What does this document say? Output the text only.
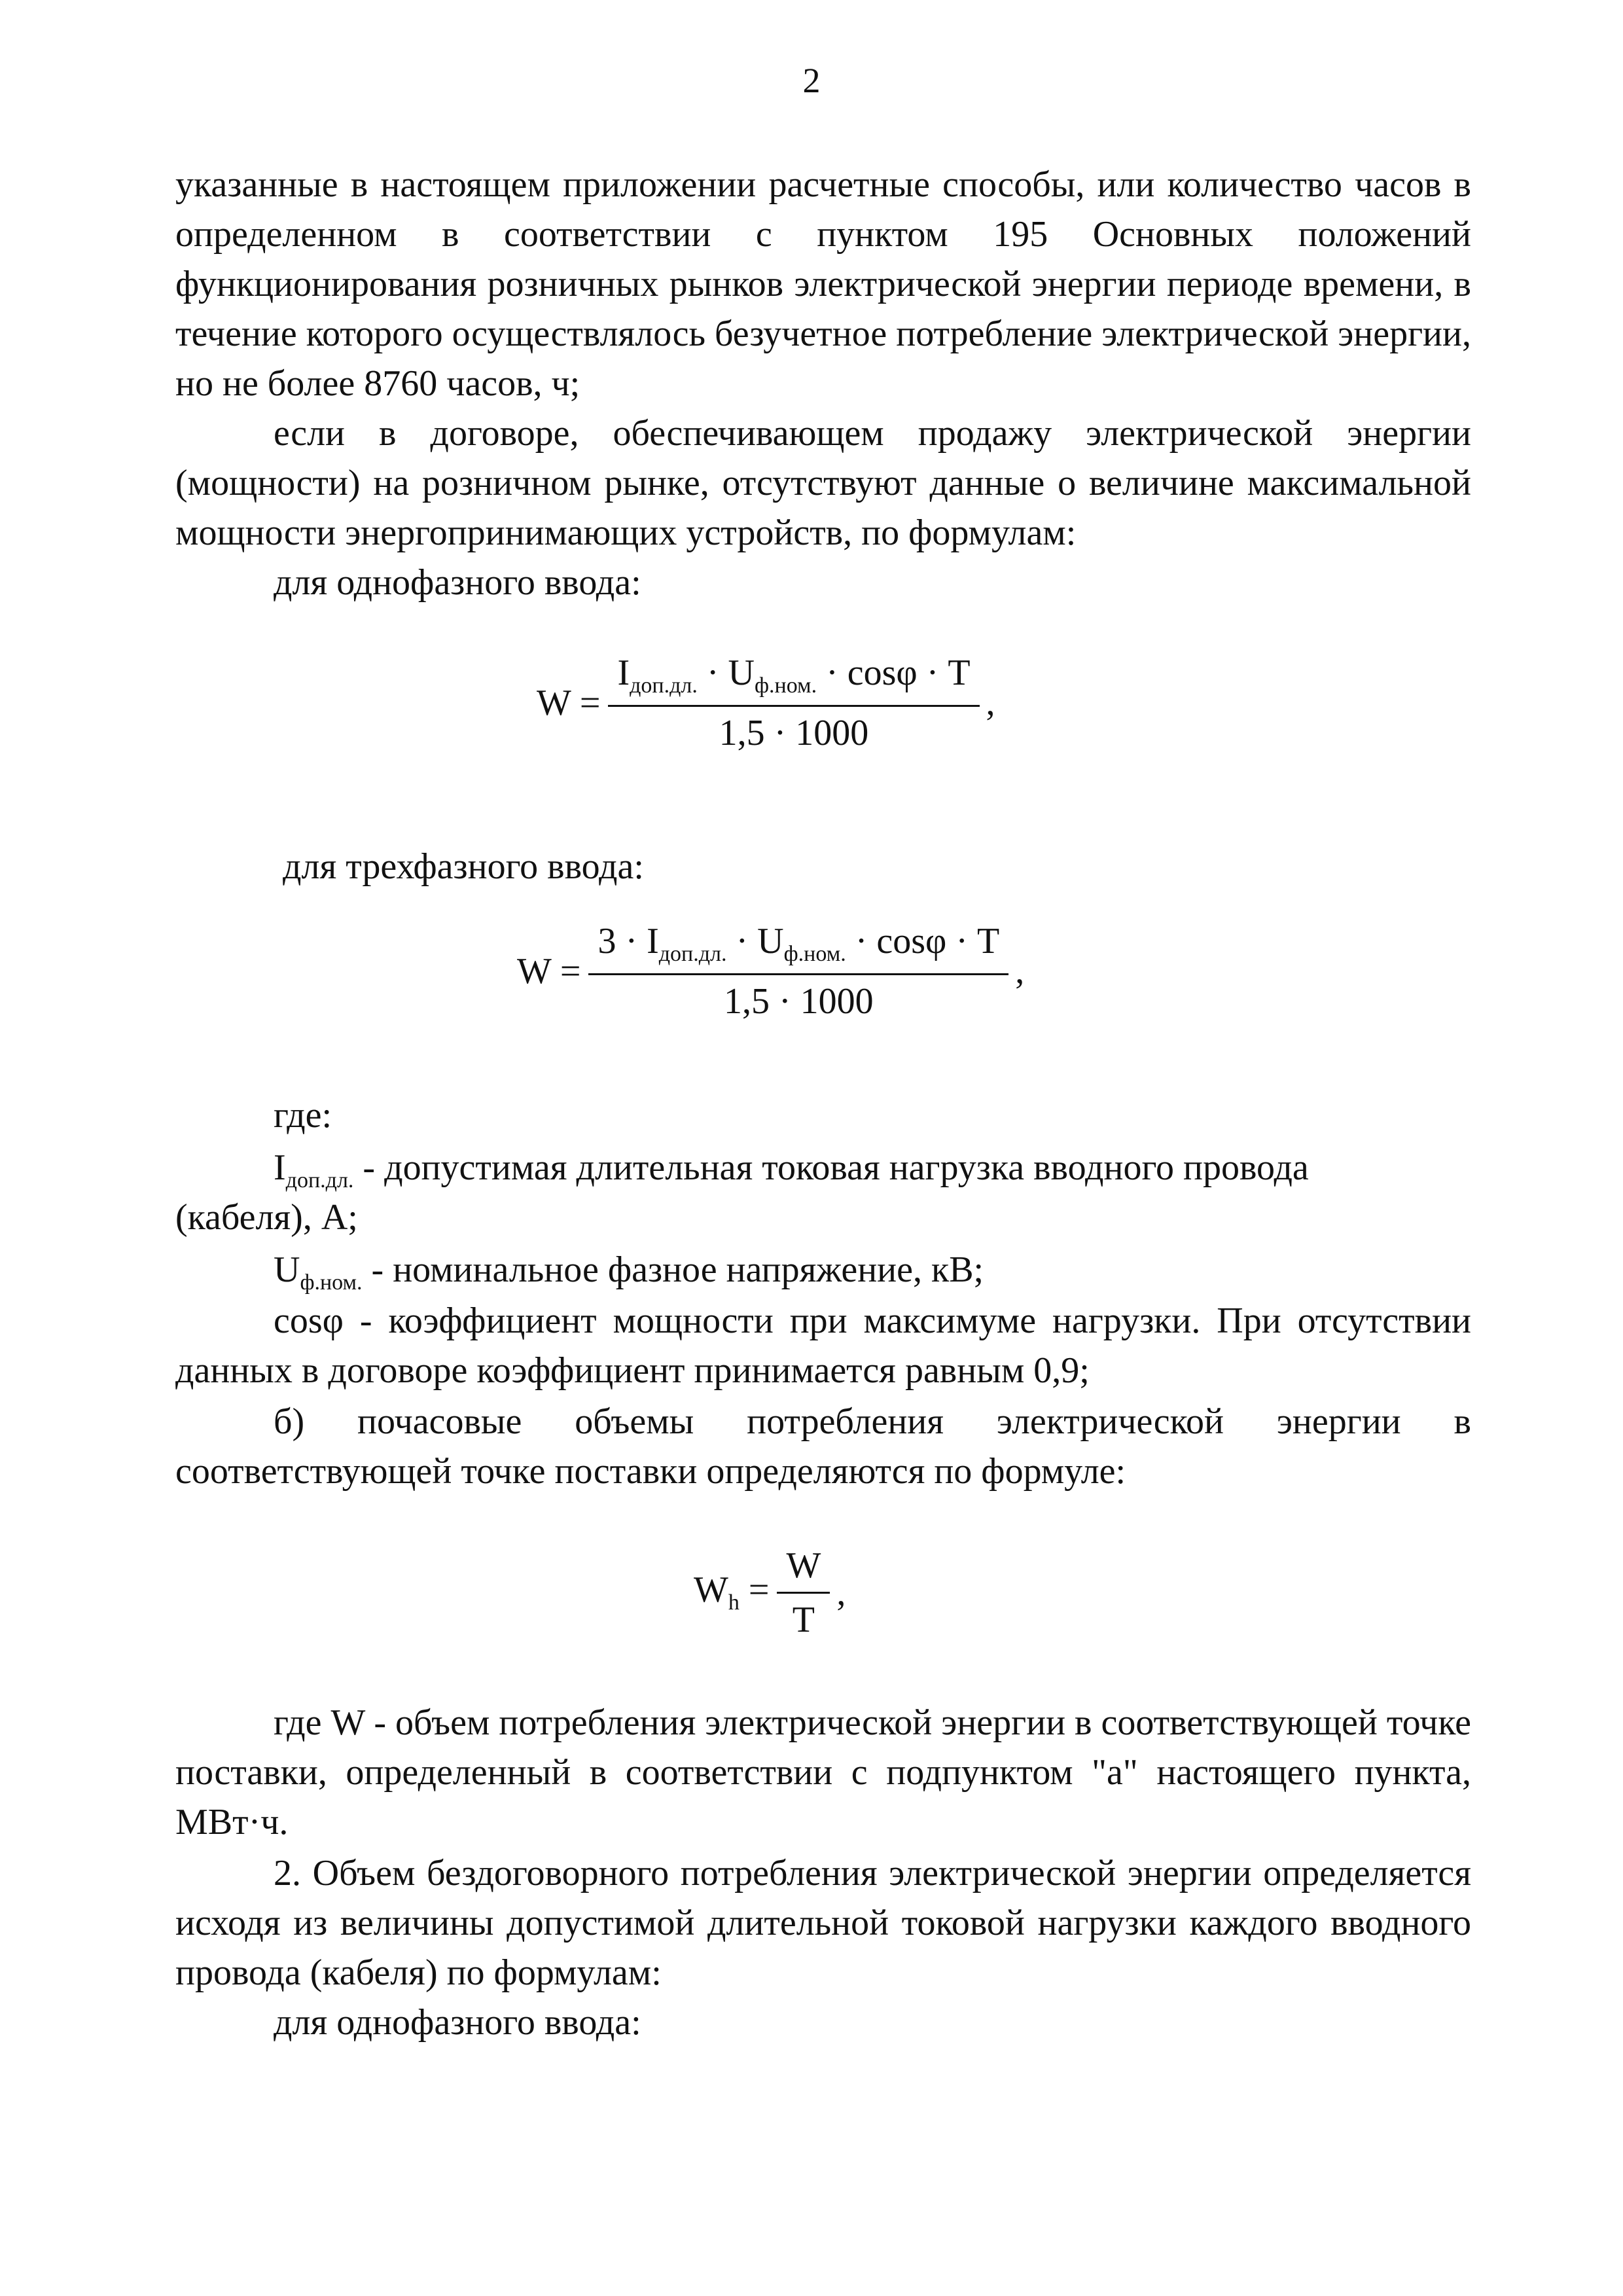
2
указанные в настоящем приложении расчетные способы, или количество часов в определенном в соответствии с пунктом 195 Основных положений функционирования розничных рынков электрической энергии периоде времени, в течение которого осуществлялось безучетное потребление электрической энергии, но не более 8760 часов, ч;
если в договоре, обеспечивающем продажу электрической энергии (мощности) на розничном рынке, отсутствуют данные о величине максимальной мощности энергопринимающих устройств, по формулам:
для однофазного ввода:
$W = \frac{I_{доп.дл.} \cdot U_{ф.ном.} \cdot \cos\varphi \cdot T}{1,5 \cdot 1000}$ ,
для трехфазного ввода:
$W = \frac{3 \cdot I_{доп.дл.} \cdot U_{ф.ном.} \cdot \cos\varphi \cdot T}{1,5 \cdot 1000}$ ,
где:
$I_{доп.дл.}$ - допустимая длительная токовая нагрузка вводного провода
(кабеля), А;
$U_{ф.ном.}$ - номинальное фазное напряжение, кВ;
cosφ - коэффициент мощности при максимуме нагрузки. При отсутствии данных в договоре коэффициент принимается равным 0,9;
б) почасовые объемы потребления электрической энергии в соответствующей точке поставки определяются по формуле:
$W_h = \frac{W}{T}$ ,
где W - объем потребления электрической энергии в соответствующей точке поставки, определенный в соответствии с подпунктом "а" настоящего пункта, МВт·ч.
2. Объем бездоговорного потребления электрической энергии определяется исходя из величины допустимой длительной токовой нагрузки каждого вводного провода (кабеля) по формулам:
для однофазного ввода:
